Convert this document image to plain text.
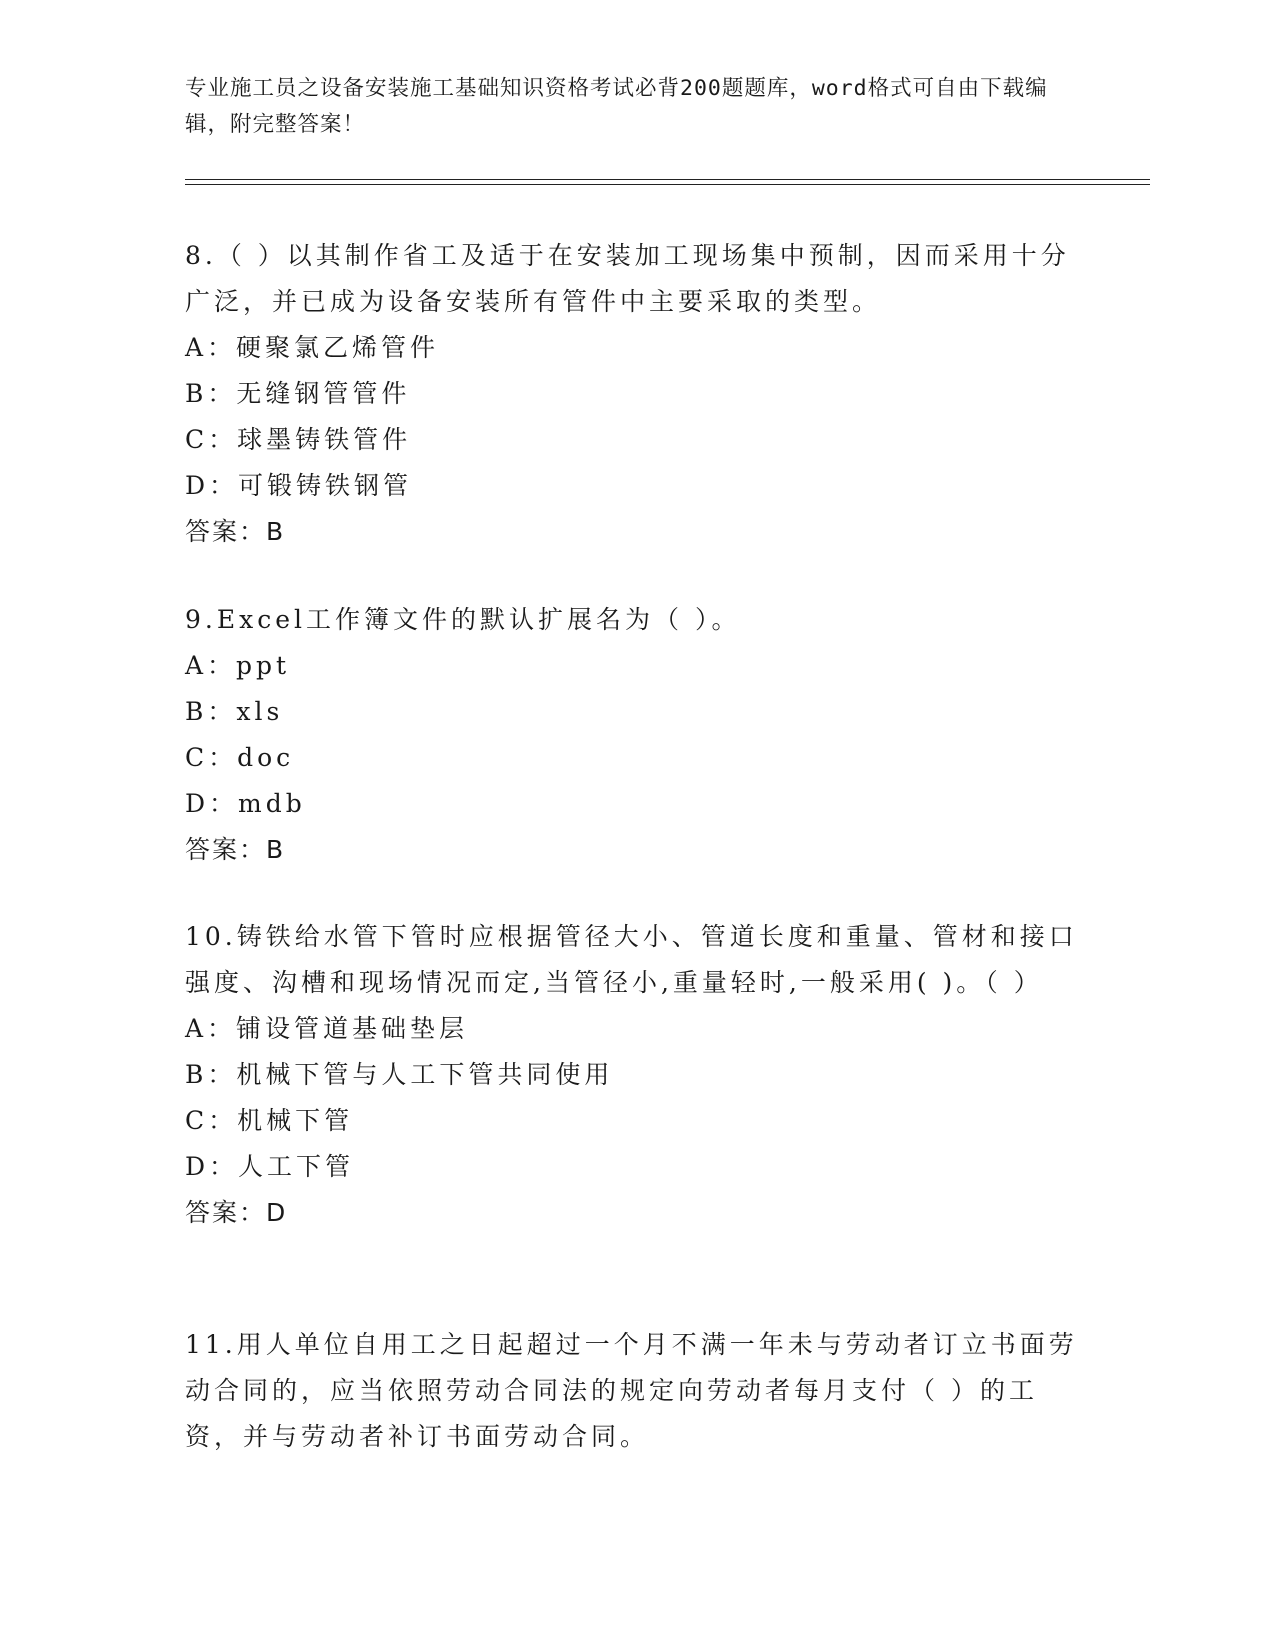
专业施工员之设备安装施工基础知识资格考试必背200题题库，word格式可自由下载编辑，附完整答案！

8.（ ）以其制作省工及适于在安装加工现场集中预制，因而采用十分广泛，并已成为设备安装所有管件中主要采取的类型。

A：硬聚氯乙烯管件

B：无缝钢管管件

C：球墨铸铁管件

D：可锻铸铁钢管

答案：B

9.Excel工作簿文件的默认扩展名为（ ）。

A：ppt

B：xls

C：doc

D：mdb

答案：B

10.铸铁给水管下管时应根据管径大小、管道长度和重量、管材和接口强度、沟槽和现场情况而定,当管径小,重量轻时,一般采用( )。（ ）

A：铺设管道基础垫层

B：机械下管与人工下管共同使用

C：机械下管

D：人工下管

答案：D

11.用人单位自用工之日起超过一个月不满一年未与劳动者订立书面劳动合同的，应当依照劳动合同法的规定向劳动者每月支付（ ）的工资，并与劳动者补订书面劳动合同。
